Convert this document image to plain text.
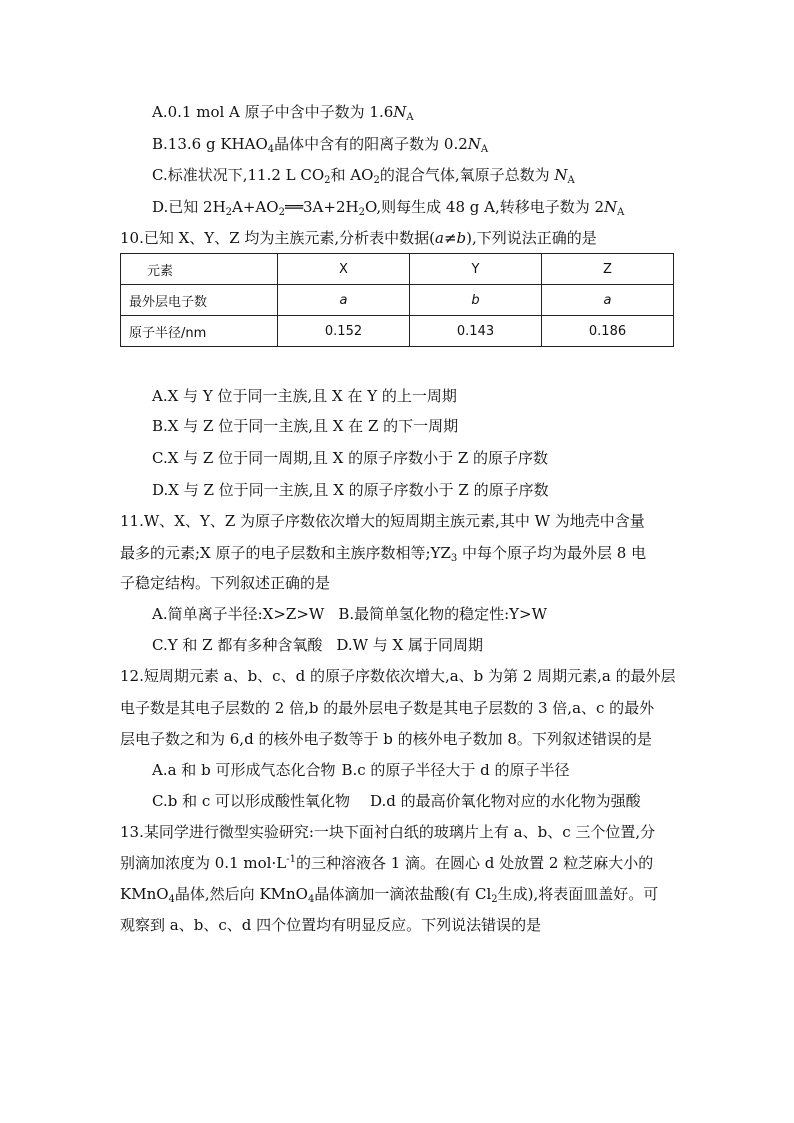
A.0.1 mol A 原子中含中子数为 $1.6N_A$
B.13.6 g $KHAO_4$晶体中含有的阳离子数为 $0.2N_A$
C.标准状况下,11.2 L $CO_2$和 $AO_2$的混合气体,氧原子总数为 $N_A$
D.已知 $2H_2A+AO_2══3A+2H_2O$,则每生成 48 g A,转移电子数为 $2N_A$
10.已知 X、Y、Z 均为主族元素,分析表中数据(a≠b),下列说法正确的是
元素	X	Y	Z
最外层电子数	a	b	a
原子半径/nm	0.152	0.143	0.186
A.X 与 Y 位于同一主族,且 X 在 Y 的上一周期
B.X 与 Z 位于同一主族,且 X 在 Z 的下一周期
C.X 与 Z 位于同一周期,且 X 的原子序数小于 Z 的原子序数
D.X 与 Z 位于同一主族,且 X 的原子序数小于 Z 的原子序数
11.W、X、Y、Z 为原子序数依次增大的短周期主族元素,其中 W 为地壳中含量
最多的元素;X 原子的电子层数和主族序数相等$;YZ_3$ 中每个原子均为最外层 8 电
子稳定结构。下列叙述正确的是
A.简单离子半径:X>Z>W B.最简单氢化物的稳定性:Y>W
C.Y 和 Z 都有多种含氧酸 D.W 与 X 属于同周期
12.短周期元素 a、b、c、d 的原子序数依次增大,a、b 为第 2 周期元素,a 的最外层
电子数是其电子层数的 2 倍,b 的最外层电子数是其电子层数的 3 倍,a、c 的最外
层电子数之和为 6,d 的核外电子数等于 b 的核外电子数加 8。下列叙述错误的是
A.a 和 b 可形成气态化合物 B.c 的原子半径大于 d 的原子半径
C.b 和 c 可以形成酸性氧化物 D.d 的最高价氧化物对应的水化物为强酸
13.某同学进行微型实验研究:一块下面衬白纸的玻璃片上有 a、b、c 三个位置,分
别滴加浓度为 0.1 $mol\cdot L^{-1}$的三种溶液各 1 滴。在圆心 d 处放置 2 粒芝麻大小的
KMnO$_4$晶体,然后向 KMnO$_4$晶体滴加一滴浓盐酸(有 $Cl_2$生成),将表面皿盖好。可
观察到 a、b、c、d 四个位置均有明显反应。下列说法错误的是
